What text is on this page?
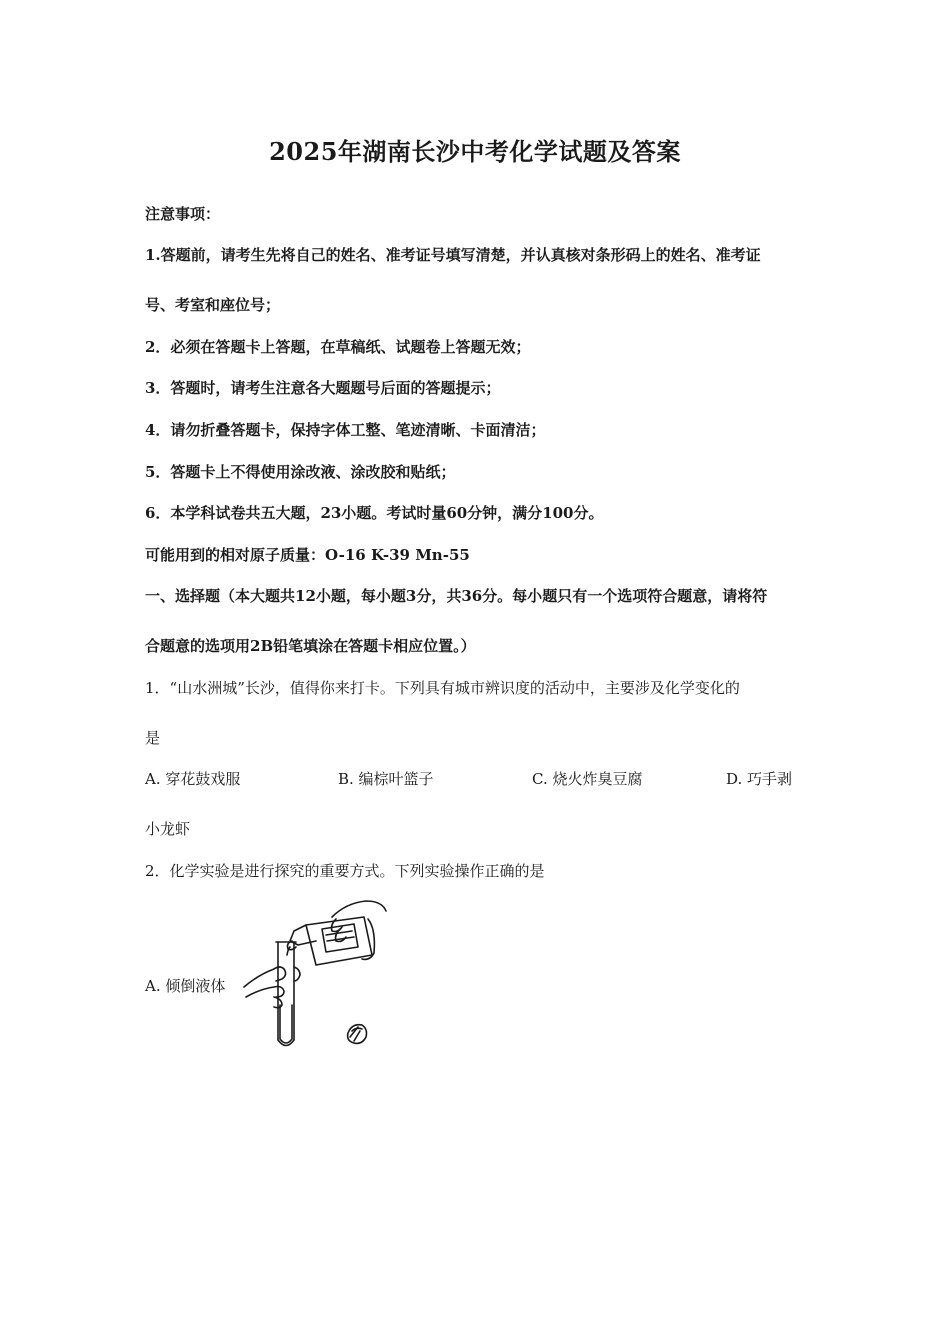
2025年湖南长沙中考化学试题及答案
注意事项：
1.答题前，请考生先将自己的姓名、准考证号填写清楚，并认真核对条形码上的姓名、准考证
号、考室和座位号；
2．必须在答题卡上答题，在草稿纸、试题卷上答题无效；
3．答题时，请考生注意各大题题号后面的答题提示；
4．请勿折叠答题卡，保持字体工整、笔迹清晰、卡面清洁；
5．答题卡上不得使用涂改液、涂改胶和贴纸；
6．本学科试卷共五大题，23小题。考试时量60分钟，满分100分。
可能用到的相对原子质量：O-16 K-39 Mn-55
一、选择题（本大题共12小题，每小题3分，共36分。每小题只有一个选项符合题意，请将符
合题意的选项用2B铅笔填涂在答题卡相应位置。）
1．“山水洲城”长沙，值得你来打卡。下列具有城市辨识度的活动中，主要涉及化学变化的
是
A. 穿花鼓戏服	B. 编棕叶篮子	C. 烧火炸臭豆腐	D. 巧手剥
小龙虾
2．化学实验是进行探究的重要方式。下列实验操作正确的是
A. 倾倒液体
